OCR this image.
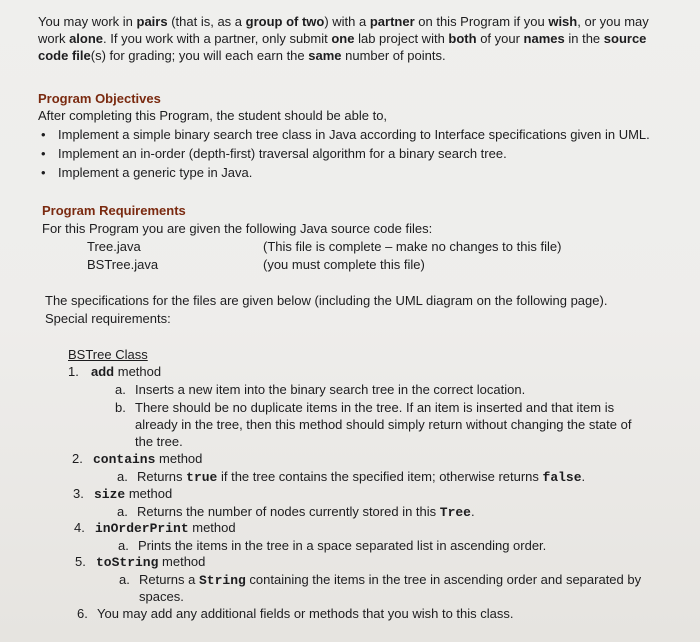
You may work in pairs (that is, as a group of two) with a partner on this Program if you wish, or you may
work alone. If you work with a partner, only submit one lab project with both of your names in the source
code file(s) for grading; you will each earn the same number of points.
Program Objectives
After completing this Program, the student should be able to,
• Implement a simple binary search tree class in Java according to Interface specifications given in UML.
• Implement an in-order (depth-first) traversal algorithm for a binary search tree.
• Implement a generic type in Java.
Program Requirements
For this Program you are given the following Java source code files:
Tree.java	(This file is complete – make no changes to this file)
BSTree.java	(you must complete this file)
The specifications for the files are given below (including the UML diagram on the following page).
Special requirements:
BSTree Class
1. add method
a. Inserts a new item into the binary search tree in the correct location.
b. There should be no duplicate items in the tree. If an item is inserted and that item is
already in the tree, then this method should simply return without changing the state of
the tree.
2. contains method
a. Returns true if the tree contains the specified item; otherwise returns false.
3. size method
a. Returns the number of nodes currently stored in this Tree.
4. inOrderPrint method
a. Prints the items in the tree in a space separated list in ascending order.
5. toString method
a. Returns a String containing the items in the tree in ascending order and separated by
spaces.
6. You may add any additional fields or methods that you wish to this class.
